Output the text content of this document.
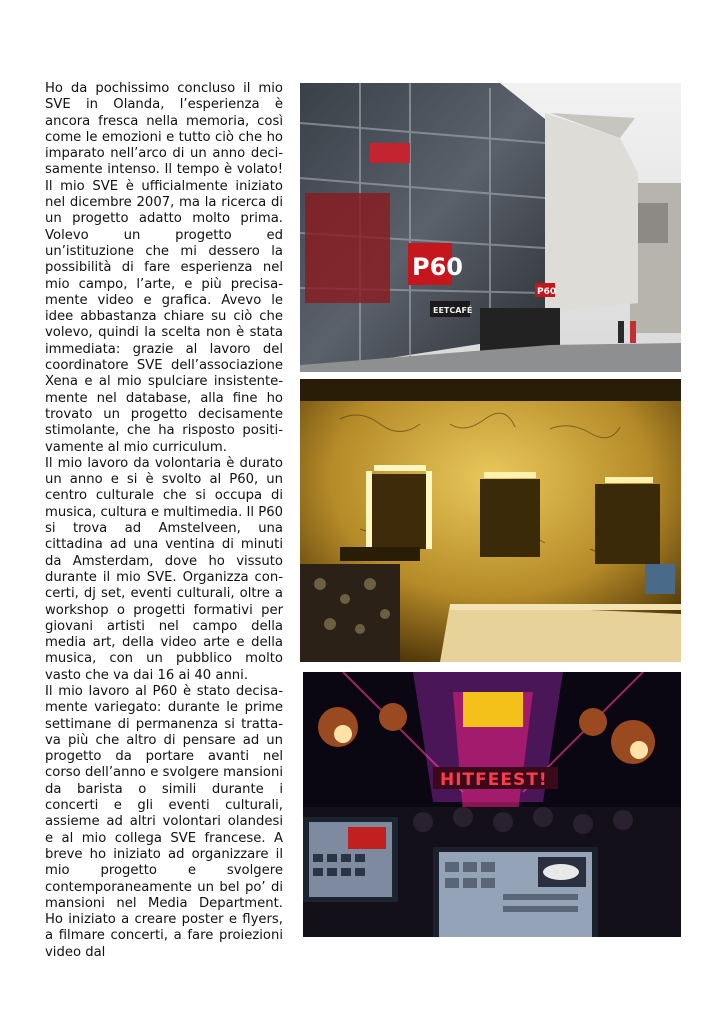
Ho da pochissimo concluso il mio SVE in Olanda, l’esperienza è ancora fresca nella memoria, così come le emozioni e tutto ciò che ho imparato nell’arco di un anno decisamente intenso. Il tempo è volato! Il mio SVE è ufficialmente iniziato nel dicembre 2007, ma la ricerca di un progetto adatto molto prima. Volevo un progetto ed un’istituzione che mi dessero la possibilità di fare esperienza nel mio campo, l’arte, e più precisamente video e grafica. Avevo le idee abbastanza chiare su ciò che volevo, quindi la scelta non è stata immediata: grazie al lavoro del coordinatore SVE dell’associazione Xena e al mio spulciare insistentemente nel database, alla fine ho trovato un progetto decisamente stimolante, che ha risposto positivamente al mio curriculum.

Il mio lavoro da volontaria è durato un anno e si è svolto al P60, un centro culturale che si occupa di musica, cultura e multimedia. Il P60 si trova ad Amstelveen, una cittadina ad una ventina di minuti da Amsterdam, dove ho vissuto durante il mio SVE. Organizza concerti, dj set, eventi culturali, oltre a workshop o progetti formativi per giovani artisti nel campo della media art, della video arte e della musica, con un pubblico molto vasto che va dai 16 ai 40 anni.

Il mio lavoro al P60 è stato decisamente variegato: durante le prime settimane di permanenza si trattava più che altro di pensare ad un progetto da portare avanti nel corso dell’anno e svolgere mansioni da barista o simili durante i concerti e gli eventi culturali, assieme ad altri volontari olandesi e al mio collega SVE francese. A breve ho iniziato ad organizzare il mio progetto e svolgere contemporaneamente un bel po’ di mansioni nel Media Department. Ho iniziato a creare poster e flyers, a filmare concerti, a fare proiezioni video dal

P60
EETCAFÉ
P60
HITFEEST!
